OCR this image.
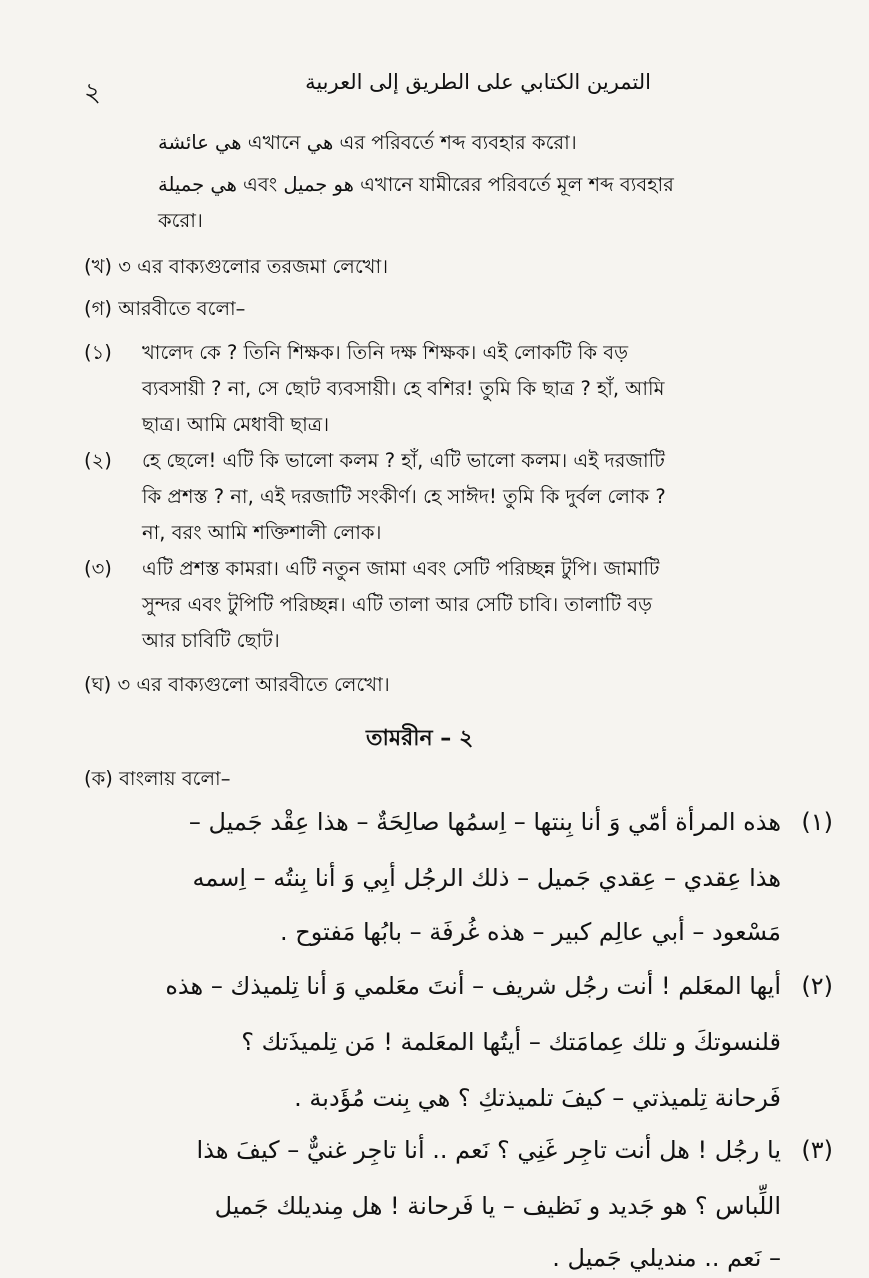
২	التمرين الكتابي على الطريق إلى العربية
هي عائشة এখানে هي এর পরিবর্তে শব্দ ব্যবহার করো।
هي جميلة এবং هو جميل এখানে যামীরের পরিবর্তে মূল শব্দ ব্যবহার
করো।
(খ) ৩ এর বাক্যগুলোর তরজমা লেখো।
(গ) আরবীতে বলো–
(১) খালেদ কে ? তিনি শিক্ষক। তিনি দক্ষ শিক্ষক। এই লোকটি কি বড়
ব্যবসায়ী ? না, সে ছোট ব্যবসায়ী। হে বশির! তুমি কি ছাত্র ? হাঁ, আমি
ছাত্র। আমি মেধাবী ছাত্র।
(২) হে ছেলে! এটি কি ভালো কলম ? হাঁ, এটি ভালো কলম। এই দরজাটি
কি প্রশস্ত ? না, এই দরজাটি সংকীর্ণ। হে সাঈদ! তুমি কি দুর্বল লোক ?
না, বরং আমি শক্তিশালী লোক।
(৩) এটি প্রশস্ত কামরা। এটি নতুন জামা এবং সেটি পরিচ্ছন্ন টুপি। জামাটি
সুন্দর এবং টুপিটি পরিচ্ছন্ন। এটি তালা আর সেটি চাবি। তালাটি বড়
আর চাবিটি ছোট।
(ঘ) ৩ এর বাক্যগুলো আরবীতে লেখো।
তামরীন – ২
(ক) বাংলায় বলো–
(١)
هذه المرأة أمّي وَ أنا بِنتها – اِسمُها صالِحَةٌ – هذا عِقْد جَميل –
هذا عِقدي – عِقدي جَميل – ذلك الرجُل أبِي وَ أنا بِنتُه – اِسمه
مَسْعود – أبي عالِم كبير – هذه غُرفَة – بابُها مَفتوح .
(٢)
أيها المعَلم ! أنت رجُل شريف – أنتَ معَلمي وَ أنا تِلميذك – هذه
قلنسوتكَ و تلك عِمامَتك – أيتُها المعَلمة ! مَن تِلميذَتك ؟
فَرحانة تِلميذتي – كيفَ تلميذتكِ ؟ هي بِنت مُؤَدبة .
(٣)
يا رجُل ! هل أنت تاجِر غَنِي ؟ نَعم .. أنا تاجِر غنيٌّ – كيفَ هذا
اللِّباس ؟ هو جَديد و نَظيف – يا فَرحانة ! هل مِنديلك جَميل
– نَعم .. منديلي جَميل .
